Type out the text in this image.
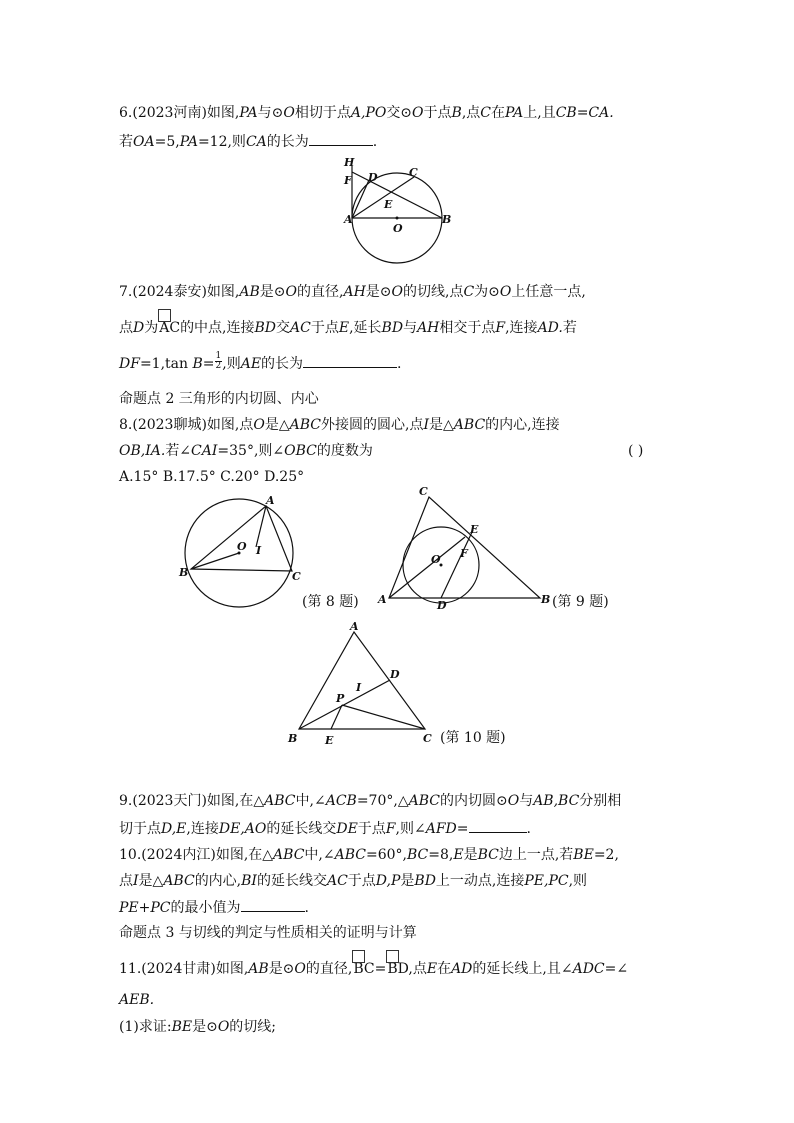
6.(2023河南)如图,PA与⊙O相切于点A,PO交⊙O于点B,点C在PA上,且CB=CA.
若OA=5,PA=12,则CA的长为	.
H
F D	C
E
A
O
B
7.(2024泰安)如图,AB是⊙O的直径,AH是⊙O的切线,点C为⊙O上任意一点,
点D为AC的中点,连接BD交AC于点E,延长BD与AH相交于点F,连接AD.若
DF=1,tan $B= \frac{1}{2}$ ,则AE的长为	.
命题点 2 三角形的内切圆、内心
8.(2023聊城)如图,点O是△ABC外接圆的圆心,点I是△ABC的内心,连接
OB,IA.若∠CAI=35°,则∠OBC的度数为	( )
A.15° B.17.5° C.20° D.25°
A
O I
B	C
(第 8 题)
C
E
O F
A	D	B (第 9 题)
A
D
I
P
B	E	C (第 10 题)
9.(2023天门)如图,在△ABC中,∠ACB=70°,△ABC的内切圆⊙O与AB,BC分别相
切于点D,E,连接DE,AO的延长线交DE于点F,则∠AFD=	.
10.(2024内江)如图,在△ABC中,∠ABC=60°,BC=8,E是BC边上一点,若BE=2,
点I是△ABC的内心,BI的延长线交AC于点D,P是BD上一动点,连接PE,PC,则
PE+PC的最小值为	.
命题点 3 与切线的判定与性质相关的证明与计算
11.(2024甘肃)如图,AB是⊙O的直径,BC=BD,点E在AD的延长线上,且∠ADC=∠
AEB.
(1)求证:BE是⊙O的切线;
